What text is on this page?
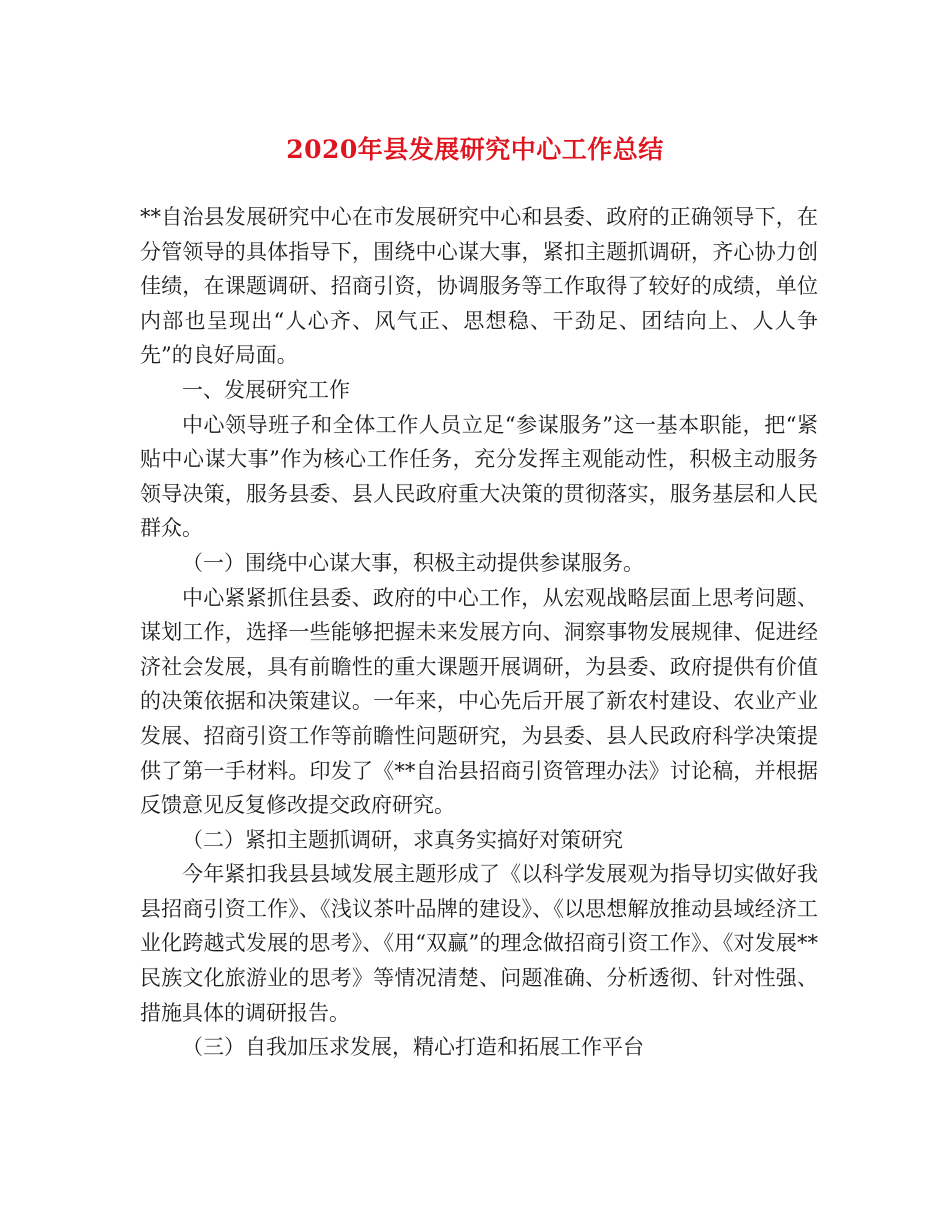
2020年县发展研究中心工作总结

**自治县发展研究中心在市发展研究中心和县委、政府的正确领导下，在分管领导的具体指导下，围绕中心谋大事，紧扣主题抓调研，齐心协力创佳绩，在课题调研、招商引资，协调服务等工作取得了较好的成绩，单位内部也呈现出“人心齐、风气正、思想稳、干劲足、团结向上、人人争先”的良好局面。

一、发展研究工作

中心领导班子和全体工作人员立足“参谋服务”这一基本职能，把“紧贴中心谋大事”作为核心工作任务，充分发挥主观能动性，积极主动服务领导决策，服务县委、县人民政府重大决策的贯彻落实，服务基层和人民群众。

（一）围绕中心谋大事，积极主动提供参谋服务。

中心紧紧抓住县委、政府的中心工作，从宏观战略层面上思考问题、谋划工作，选择一些能够把握未来发展方向、洞察事物发展规律、促进经济社会发展，具有前瞻性的重大课题开展调研，为县委、政府提供有价值的决策依据和决策建议。一年来，中心先后开展了新农村建设、农业产业发展、招商引资工作等前瞻性问题研究，为县委、县人民政府科学决策提供了第一手材料。印发了《**自治县招商引资管理办法》讨论稿，并根据反馈意见反复修改提交政府研究。

（二）紧扣主题抓调研，求真务实搞好对策研究

今年紧扣我县县域发展主题形成了《以科学发展观为指导切实做好我县招商引资工作》、《浅议茶叶品牌的建设》、《以思想解放推动县域经济工业化跨越式发展的思考》、《用“双赢”的理念做招商引资工作》、《对发展**民族文化旅游业的思考》等情况清楚、问题准确、分析透彻、针对性强、措施具体的调研报告。

（三）自我加压求发展，精心打造和拓展工作平台
